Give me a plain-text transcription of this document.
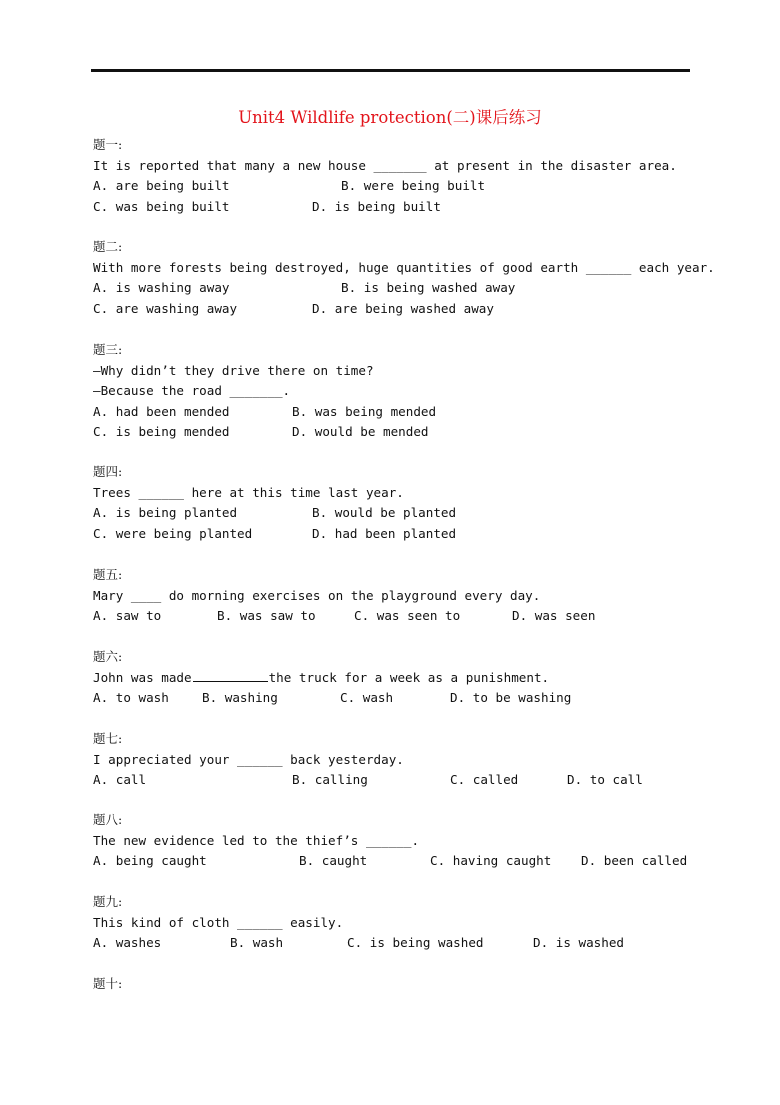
Unit4 Wildlife protection(二)课后练习
题一:
It is reported that many a new house _______ at present in the disaster area.

A. are being built

	B. were being built

C. was being built

	D. is being built

题二:
With more forests being destroyed, huge quantities of good earth ______ each year.

A. is washing away

	B. is being washed away

C. are washing away

	D. are being washed away

题三:
—Why didn’t they drive there on time?
—Because the road _______.

A. had been mended

	B. was being mended

C. is being mended

	D. would be mended

题四:
Trees ______ here at this time last year.

A. is being planted

	B. would be planted

C. were being planted

	D. had been planted

题五:
Mary ____ do morning exercises on the playground every day.

A. saw to

	B. was saw to

	C. was seen to

	D. was seen

题六:
John was made	the truck for a week as a punishment.

A. to wash

	B. washing

	C. wash

	D. to be washing

题七:
I appreciated your ______ back yesterday.

A. call

	B. calling

	C. called

	D. to call

题八:
The new evidence led to the thief’s ______.

A. being caught

	B. caught

	C. having caught

D. been called

题九:
This kind of cloth ______ easily.

A. washes

	B. wash

	C. is being washed

	D. is washed

题十:
